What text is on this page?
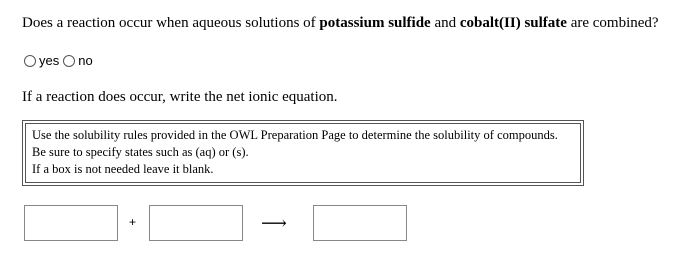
Does a reaction occur when aqueous solutions of potassium sulfide and cobalt(II) sulfate are combined?
yes no
If a reaction does occur, write the net ionic equation.
Use the solubility rules provided in the OWL Preparation Page to determine the solubility of compounds.
Be sure to specify states such as (aq) or (s).
If a box is not needed leave it blank.
+	⟶
